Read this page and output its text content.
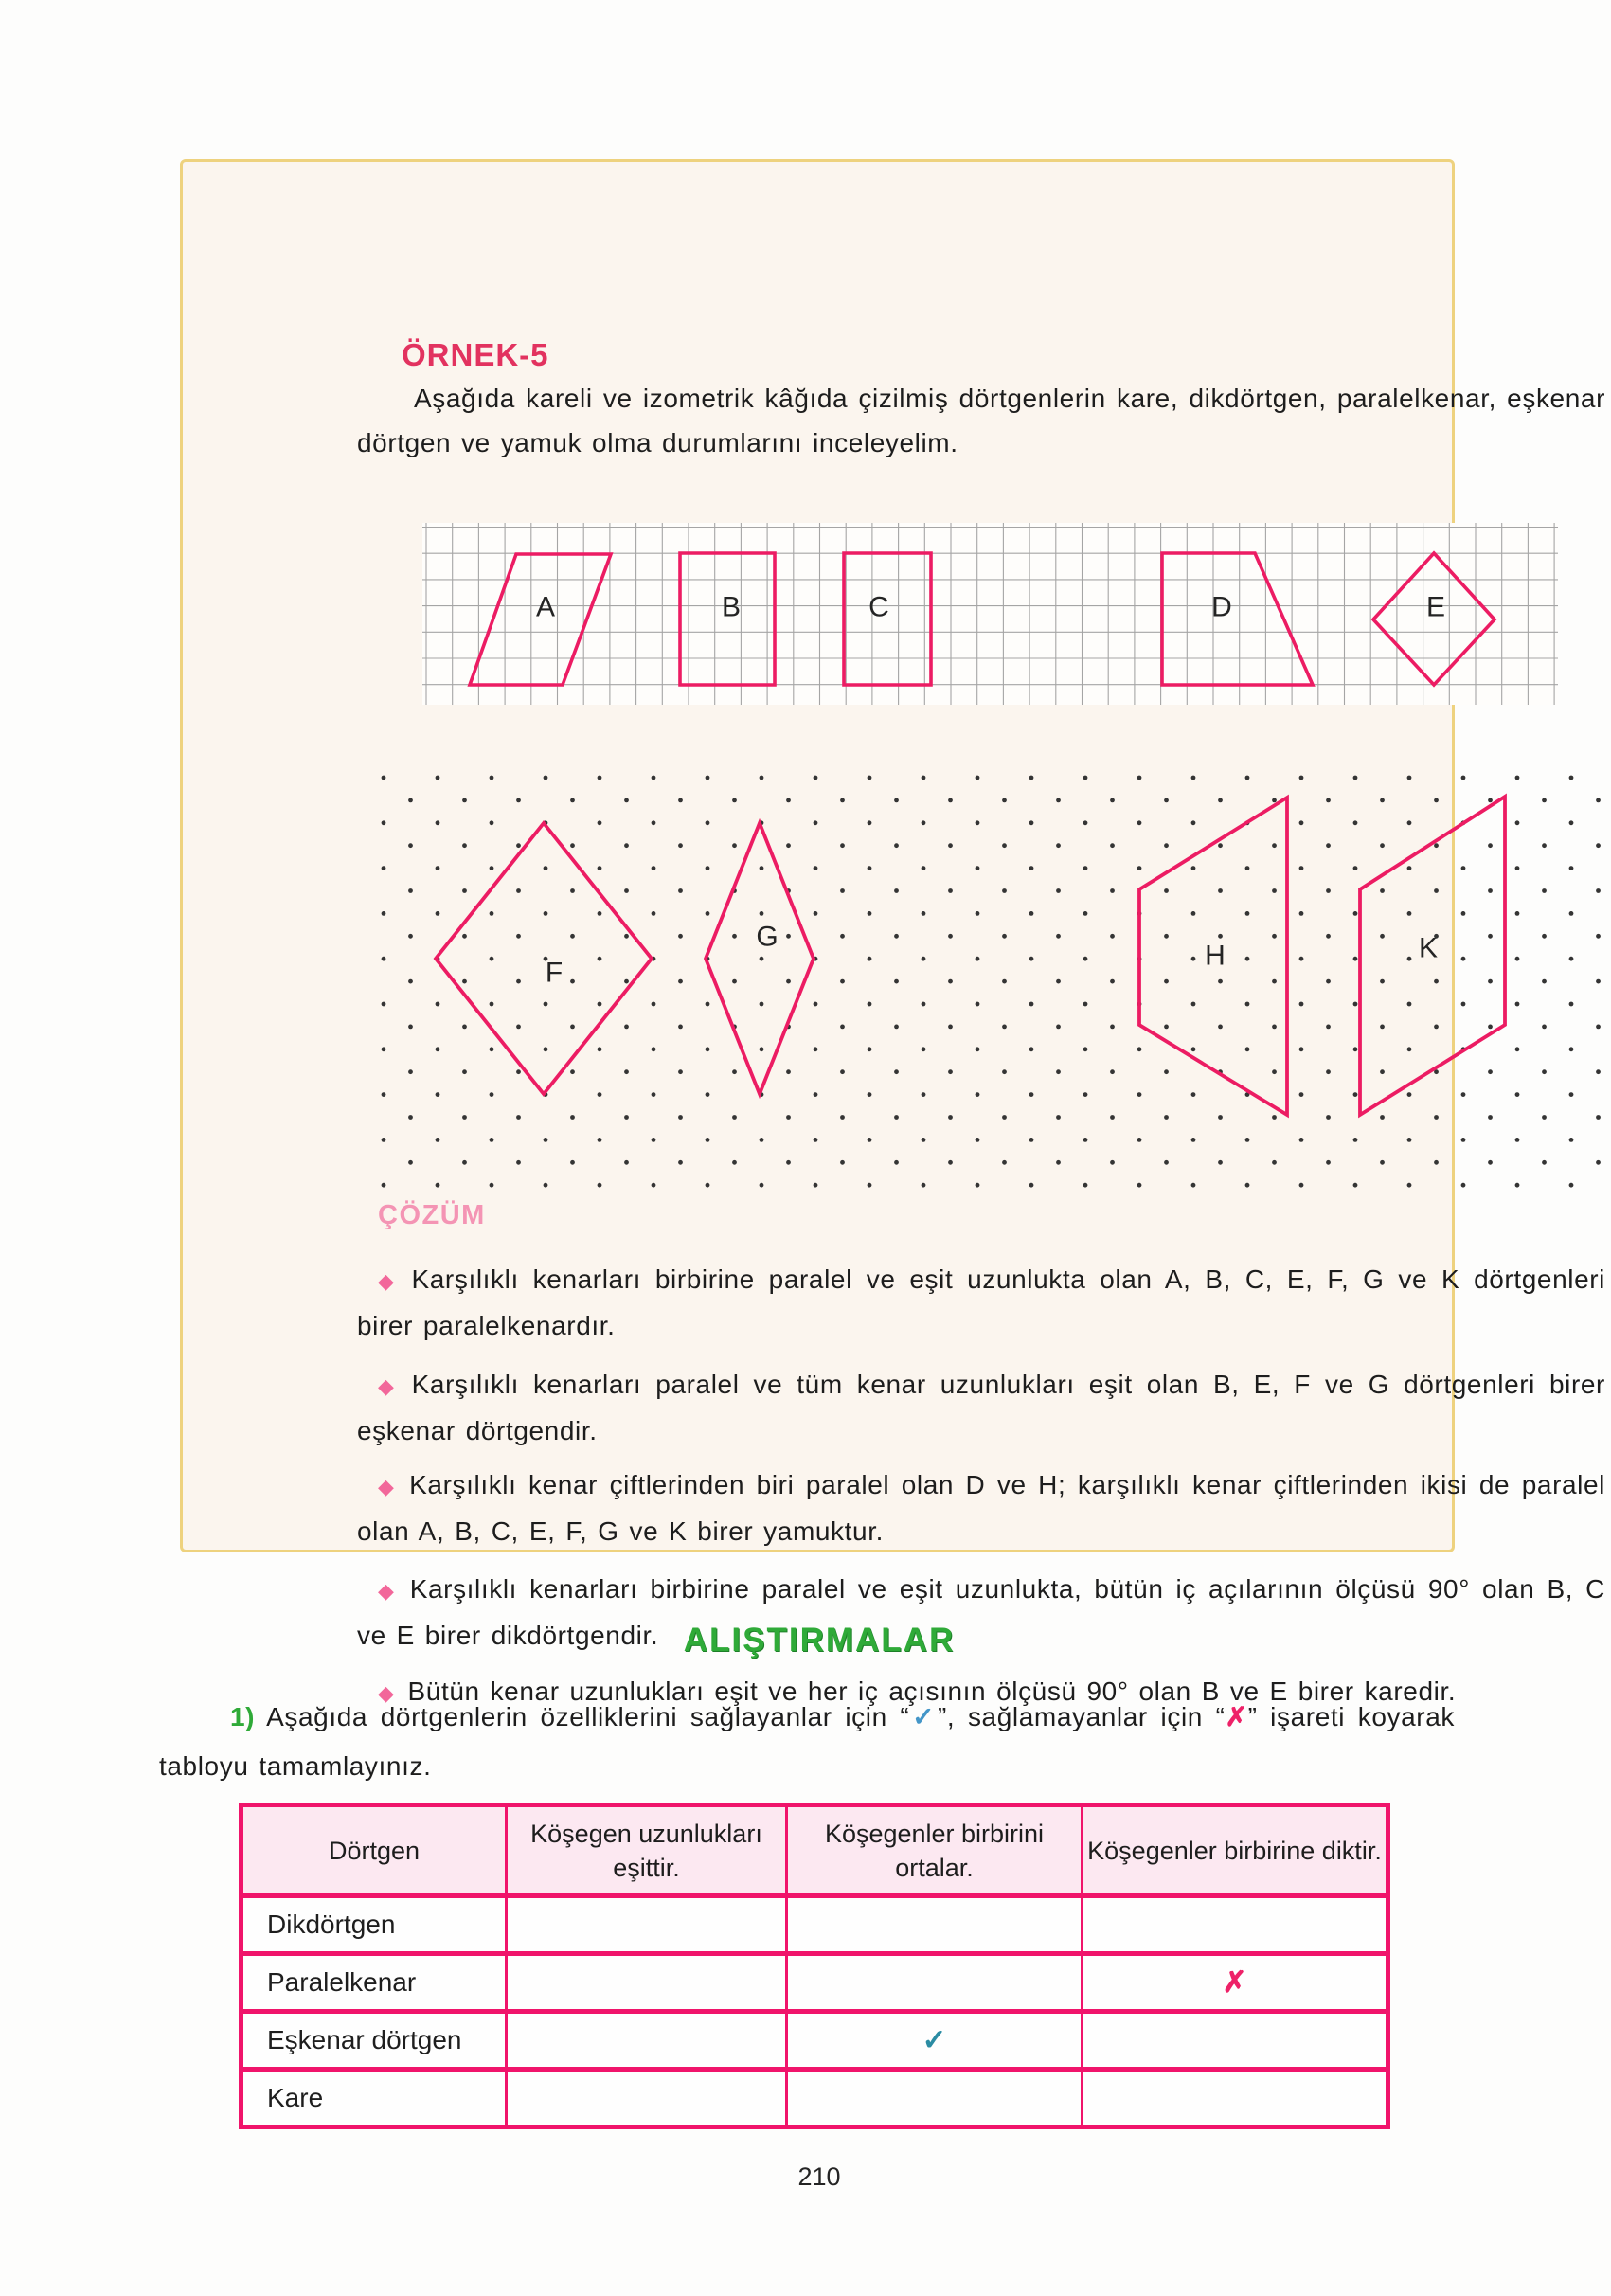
ÖRNEK-5
Aşağıda kareli ve izometrik kâğıda çizilmiş dörtgenlerin kare, dikdörtgen, paralelkenar, eşkenar dörtgen ve yamuk olma durumlarını inceleyelim.
A	B	C	D	E
F
G
H	K
ÇÖZÜM
◆ Karşılıklı kenarları birbirine paralel ve eşit uzunlukta olan A, B, C, E, F, G ve K dörtgenleri birer paralelkenardır.
◆ Karşılıklı kenarları paralel ve tüm kenar uzunlukları eşit olan B, E, F ve G dörtgenleri birer eşkenar dörtgendir.
◆ Karşılıklı kenar çiftlerinden biri paralel olan D ve H; karşılıklı kenar çiftlerinden ikisi de paralel olan A, B, C, E, F, G ve K birer yamuktur.
◆ Karşılıklı kenarları birbirine paralel ve eşit uzunlukta, bütün iç açılarının ölçüsü 90° olan B, C ve E birer dikdörtgendir.
◆ Bütün kenar uzunlukları eşit ve her iç açısının ölçüsü 90° olan B ve E birer karedir.
ALIŞTIRMALAR
1) Aşağıda dörtgenlerin özelliklerini sağlayanlar için “✓”, sağlamayanlar için “✗” işareti koyarak tabloyu tamamlayınız.
Dörtgen	Köşegen uzunlukları eşittir.	Köşegenler birbirini ortalar.	Köşegenler birbirine diktir.
Dikdörtgen			
Paralelkenar			✗
Eşkenar dörtgen		✓	
Kare			
210
